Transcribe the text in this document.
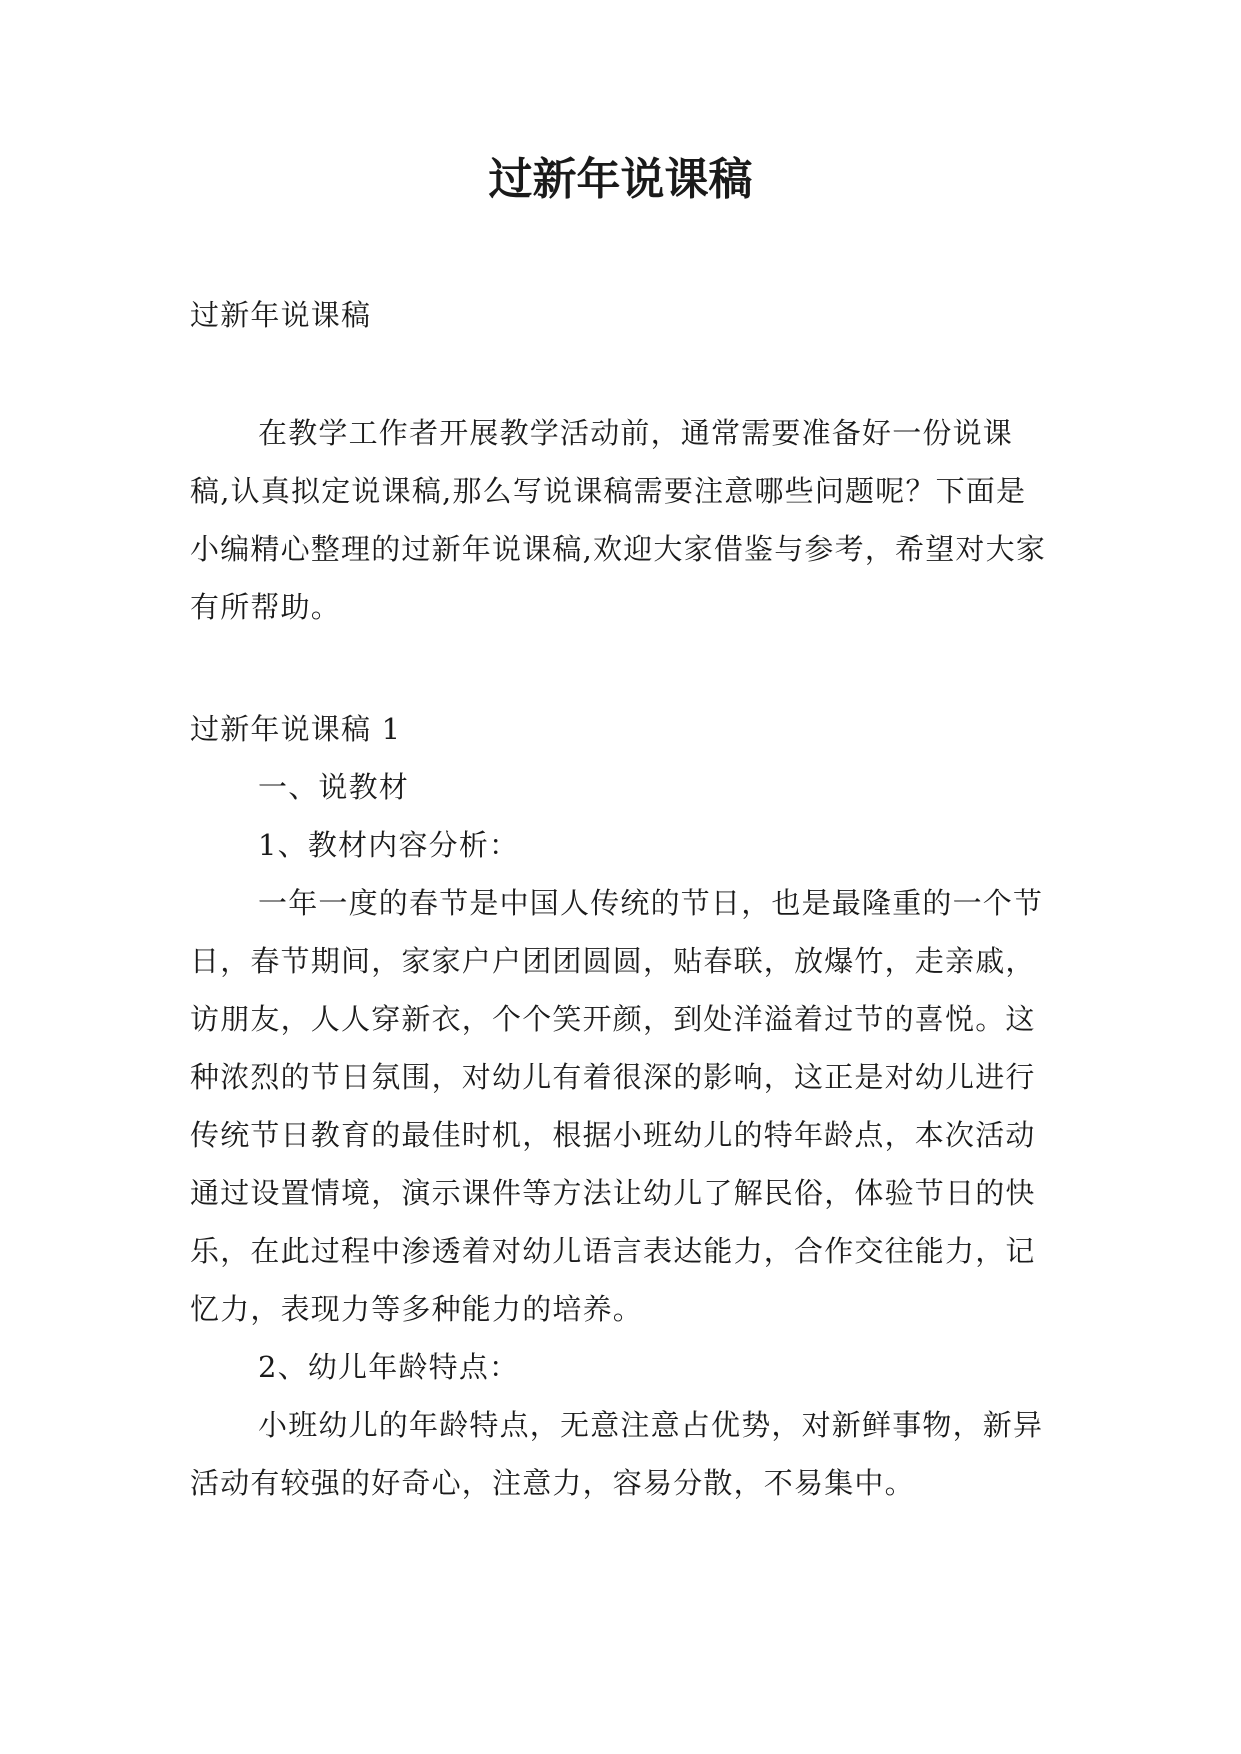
过新年说课稿

过新年说课稿

在教学工作者开展教学活动前，通常需要准备好一份说课稿,认真拟定说课稿,那么写说课稿需要注意哪些问题呢？下面是小编精心整理的过新年说课稿,欢迎大家借鉴与参考，希望对大家有所帮助。

过新年说课稿 1

一、说教材

1、教材内容分析：

一年一度的春节是中国人传统的节日，也是最隆重的一个节日，春节期间，家家户户团团圆圆，贴春联，放爆竹，走亲戚，访朋友，人人穿新衣，个个笑开颜，到处洋溢着过节的喜悦。这种浓烈的节日氛围，对幼儿有着很深的影响，这正是对幼儿进行传统节日教育的最佳时机，根据小班幼儿的特年龄点，本次活动通过设置情境，演示课件等方法让幼儿了解民俗，体验节日的快乐，在此过程中渗透着对幼儿语言表达能力，合作交往能力，记忆力，表现力等多种能力的培养。

2、幼儿年龄特点：

小班幼儿的年龄特点，无意注意占优势，对新鲜事物，新异活动有较强的好奇心，注意力，容易分散，不易集中。
